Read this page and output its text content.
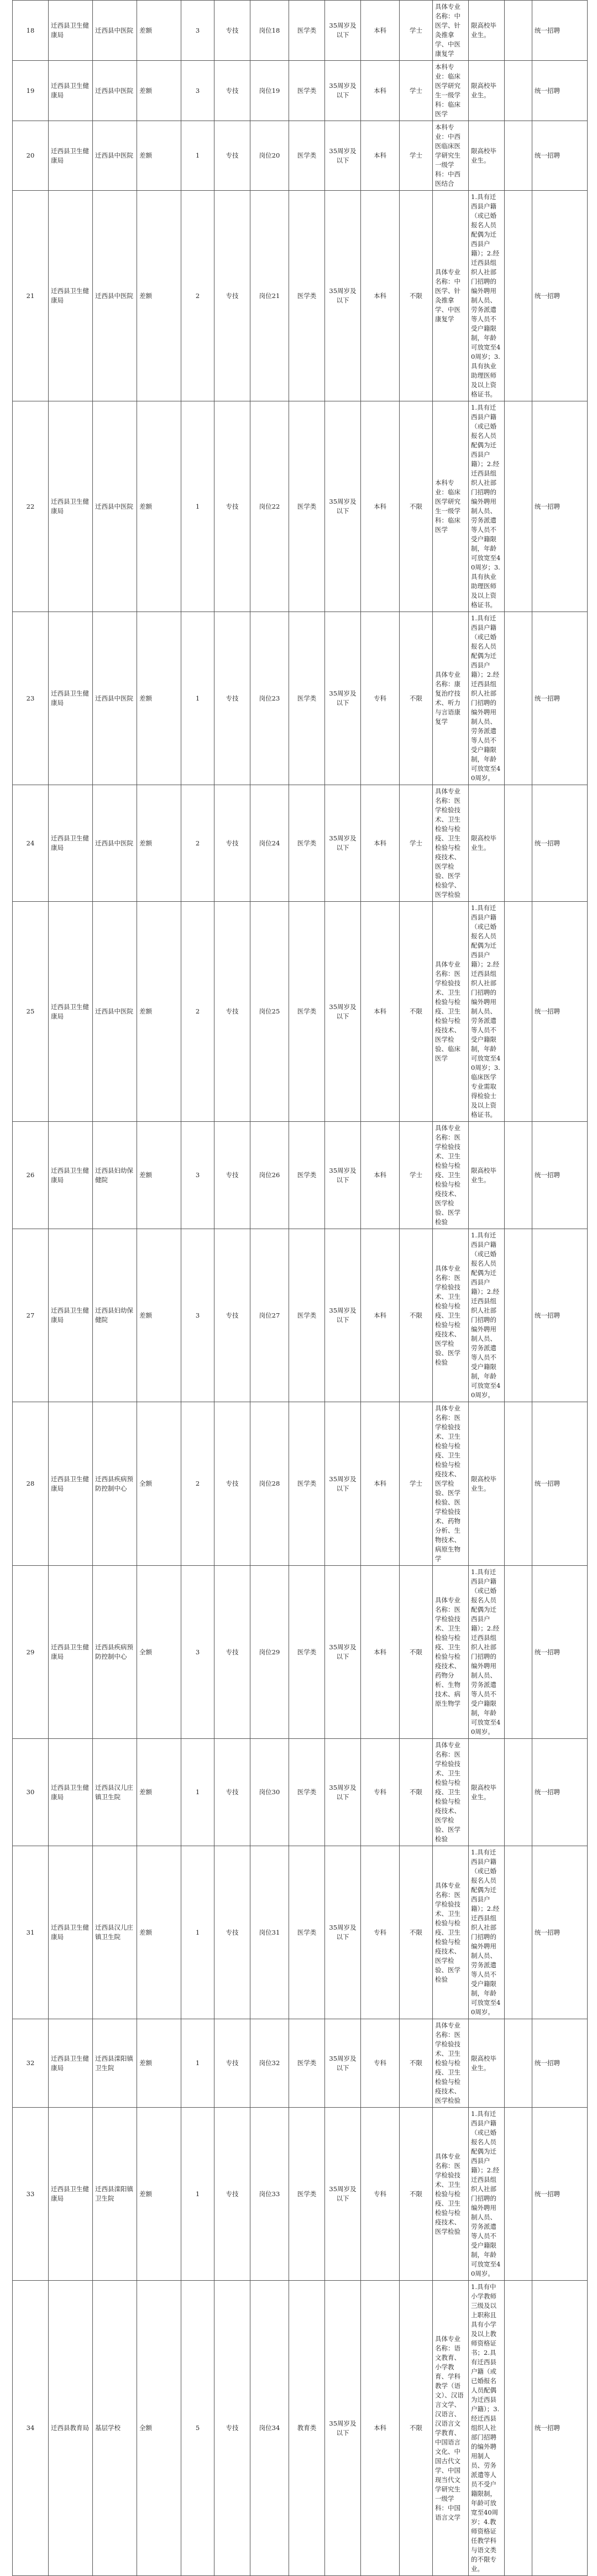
18	迁西县卫生健康局	迁西县中医院	差额	3	专技	岗位18	医学类	35周岁及以下	本科	学士	具体专业名称：中医学、针灸推拿学、中医康复学	限高校毕业生。		统一招聘
19	迁西县卫生健康局	迁西县中医院	差额	3	专技	岗位19	医学类	35周岁及以下	本科	学士	本科专业：临床医学研究生一级学科：临床医学	限高校毕业生。		统一招聘
20	迁西县卫生健康局	迁西县中医院	差额	1	专技	岗位20	医学类	35周岁及以下	本科	学士	本科专业：中西医临床医学研究生一级学科：中西医结合	限高校毕业生。		统一招聘
21	迁西县卫生健康局	迁西县中医院	差额	2	专技	岗位21	医学类	35周岁及以下	本科	不限	具体专业名称：中医学、针灸推拿学、中医康复学	1.具有迁西县户籍（或已婚报名人员配偶为迁西县户籍）；2.经迁西县组织人社部门招聘的编外聘用制人员、劳务派遣等人员不受户籍限制，年龄可放宽至40周岁；3.具有执业助理医师及以上资格证书。		统一招聘
22	迁西县卫生健康局	迁西县中医院	差额	1	专技	岗位22	医学类	35周岁及以下	本科	不限	本科专业：临床医学研究生一级学科：临床医学	1.具有迁西县户籍（或已婚报名人员配偶为迁西县户籍）；2.经迁西县组织人社部门招聘的编外聘用制人员、劳务派遣等人员不受户籍限制，年龄可放宽至40周岁；3.具有执业助理医师及以上资格证书。		统一招聘
23	迁西县卫生健康局	迁西县中医院	差额	1	专技	岗位23	医学类	35周岁及以下	专科	不限	具体专业名称：康复治疗技术、听力与言语康复学	1.具有迁西县户籍（或已婚报名人员配偶为迁西县户籍）；2.经迁西县组织人社部门招聘的编外聘用制人员、劳务派遣等人员不受户籍限制，年龄可放宽至40周岁。		统一招聘
24	迁西县卫生健康局	迁西县中医院	差额	2	专技	岗位24	医学类	35周岁及以下	本科	学士	具体专业名称：医学检验技术、卫生检验与检疫、卫生检验与检疫技术、医学检验、医学检验学、医学检验	限高校毕业生。		统一招聘
25	迁西县卫生健康局	迁西县中医院	差额	2	专技	岗位25	医学类	35周岁及以下	本科	不限	具体专业名称：医学检验技术、卫生检验与检疫、卫生检验与检疫技术、医学检验、临床医学	1.具有迁西县户籍（或已婚报名人员配偶为迁西县户籍）；2.经迁西县组织人社部门招聘的编外聘用制人员、劳务派遣等人员不受户籍限制，年龄可放宽至40周岁；3.临床医学专业需取得检验士及以上资格证书。		统一招聘
26	迁西县卫生健康局	迁西县妇幼保健院	差额	3	专技	岗位26	医学类	35周岁及以下	本科	学士	具体专业名称：医学检验技术、卫生检验与检疫、卫生检验与检疫技术、医学检验、医学检验	限高校毕业生。		统一招聘
27	迁西县卫生健康局	迁西县妇幼保健院	差额	3	专技	岗位27	医学类	35周岁及以下	本科	不限	具体专业名称：医学检验技术、卫生检验与检疫、卫生检验与检疫技术、医学检验、医学检验	1.具有迁西县户籍（或已婚报名人员配偶为迁西县户籍）；2.经迁西县组织人社部门招聘的编外聘用制人员、劳务派遣等人员不受户籍限制，年龄可放宽至40周岁。		统一招聘
28	迁西县卫生健康局	迁西县疾病预防控制中心	全额	2	专技	岗位28	医学类	35周岁及以下	本科	学士	具体专业名称：医学检验技术、卫生检验与检疫、卫生检验与检疫技术、医学检验、医学检验、医学检验技术、药物分析、生物技术、病原生物学	限高校毕业生。		统一招聘
29	迁西县卫生健康局	迁西县疾病预防控制中心	全额	3	专技	岗位29	医学类	35周岁及以下	本科	不限	具体专业名称：医学检验技术、卫生检验与检疫、卫生检验与检疫技术、药物分析、生物技术、病原生物学	1.具有迁西县户籍（或已婚报名人员配偶为迁西县户籍）；2.经迁西县组织人社部门招聘的编外聘用制人员、劳务派遣等人员不受户籍限制，年龄可放宽至40周岁。		统一招聘
30	迁西县卫生健康局	迁西县汉儿庄镇卫生院	差额	1	专技	岗位30	医学类	35周岁及以下	专科	不限	具体专业名称：医学检验技术、卫生检验与检疫、卫生检验与检疫技术、医学检验、医学检验	限高校毕业生。		统一招聘
31	迁西县卫生健康局	迁西县汉儿庄镇卫生院	差额	1	专技	岗位31	医学类	35周岁及以下	专科	不限	具体专业名称：医学检验技术、卫生检验与检疫、卫生检验与检疫技术、医学检验、医学检验	1.具有迁西县户籍（或已婚报名人员配偶为迁西县户籍）；2.经迁西县组织人社部门招聘的编外聘用制人员、劳务派遣等人员不受户籍限制，年龄可放宽至40周岁。		统一招聘
32	迁西县卫生健康局	迁西县滦阳镇卫生院	差额	1	专技	岗位32	医学类	35周岁及以下	专科	不限	具体专业名称：医学检验技术、卫生检验与检疫、卫生检验与检疫技术、医学检验	限高校毕业生。		统一招聘
33	迁西县卫生健康局	迁西县滦阳镇卫生院	差额	1	专技	岗位33	医学类	35周岁及以下	专科	不限	具体专业名称：医学检验技术、卫生检验与检疫、卫生检验与检疫技术、医学检验	1.具有迁西县户籍（或已婚报名人员配偶为迁西县户籍）；2.经迁西县组织人社部门招聘的编外聘用制人员、劳务派遣等人员不受户籍限制，年龄可放宽至40周岁。		统一招聘
34	迁西县教育局	基层学校	全额	5	专技	岗位34	教育类	35周岁及以下	本科	不限	具体专业名称：语文教育、小学教育、学科教学（语文）、汉语言文学、汉语言、汉语言文学教育、中国语言文化、中国古代文学、中国现当代文学研究生一级学科：中国语言文学	1.具有中小学教师三级及以上职称且具有小学及以上教师资格证书；2.具有迁西县户籍（或已婚报名人员配偶为迁西县户籍）；3.经迁西县组织人社部门招聘的编外聘用制人员、劳务派遣等人员不受户籍限制，年龄可放宽至40周岁；4.教师资格证任教学科与语文类的不限专业。		统一招聘
